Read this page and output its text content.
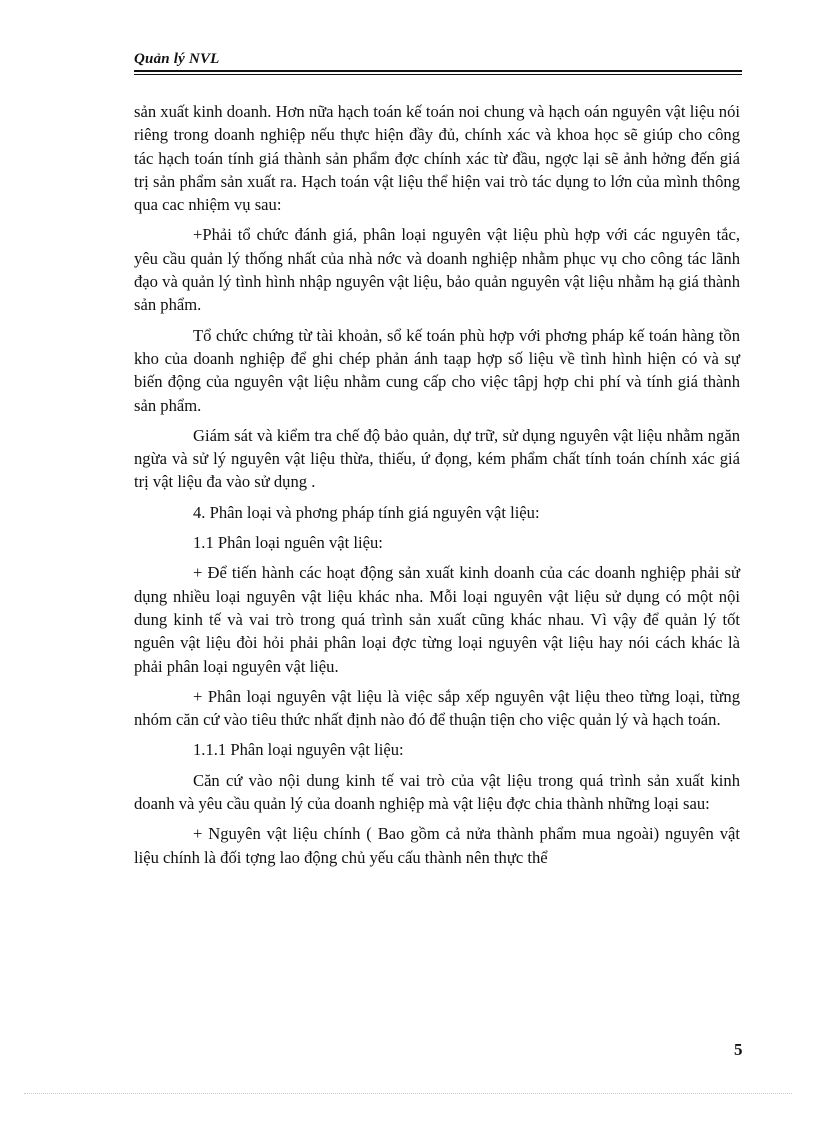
Quản lý NVL

sản xuất kinh doanh. Hơn nữa hạch toán kế toán noi chung và hạch oán nguyên vật liệu nói riêng trong doanh nghiệp nếu thực hiện đầy đủ, chính xác và khoa học sẽ giúp cho công tác hạch toán tính giá thành sản phẩm đợc chính xác từ đầu, ngợc lại sẽ ảnh hởng đến giá trị sản phẩm sản xuất ra. Hạch toán vật liệu thể hiện vai trò tác dụng to lớn của mình thông qua cac nhiệm vụ sau:

+Phải tổ chức đánh giá, phân loại nguyên vật liệu phù hợp với các nguyên tắc, yêu cầu quản lý thống nhất của nhà nớc và doanh nghiệp nhằm phục vụ cho công tác lãnh đạo và quản lý tình hình nhập nguyên vật liệu, bảo quản nguyên vật liệu nhằm hạ giá thành sản phẩm.

Tổ chức chứng từ tài khoản, sổ kế toán phù hợp với phơng pháp kế toán hàng tồn kho của doanh nghiệp để ghi chép phản ánh taạp hợp số liệu về tình hình hiện có và sự biến động của nguyên vật liệu nhằm cung cấp cho việc tâpj hợp chi phí và tính giá thành sản phẩm.

Giám sát và kiểm tra chế độ bảo quản, dự trữ, sử dụng nguyên vật liệu nhằm ngăn ngừa và sử lý nguyên vật liệu thừa, thiếu, ứ đọng, kém phẩm chất tính toán chính xác giá trị vật liệu đa vào sử dụng .

4. Phân loại và phơng pháp tính giá nguyên vật liệu:

1.1 Phân loại nguên vật liệu:

+ Để tiến hành các hoạt động sản xuất kinh doanh của các doanh nghiệp phải sử dụng nhiều loại nguyên vật liệu khác nha. Mỗi loại nguyên vật liệu sử dụng có một nội dung kinh tế và vai trò trong quá trình sản xuất cũng khác nhau. Vì vậy để quản lý tốt nguên vật liệu đòi hỏi phải phân loại đợc từng loại nguyên vật liệu hay nói cách khác là phải phân loại nguyên vật liệu.

+ Phân loại nguyên vật liệu là việc sắp xếp nguyên vật liệu theo từng loại, từng nhóm căn cứ vào tiêu thức nhất định nào đó để thuận tiện cho việc quản lý và hạch toán.

1.1.1 Phân loại nguyên vật liệu:

Căn cứ vào nội dung kinh tế vai trò của vật liệu trong quá trình sản xuất kinh doanh và yêu cầu quản lý của doanh nghiệp mà vật liệu đợc chia thành những loại sau:

+ Nguyên vật liệu chính ( Bao gồm cả nửa thành phẩm mua ngoài) nguyên vật liệu chính là đối tợng lao động chủ yếu cấu thành nên thực thể

5
